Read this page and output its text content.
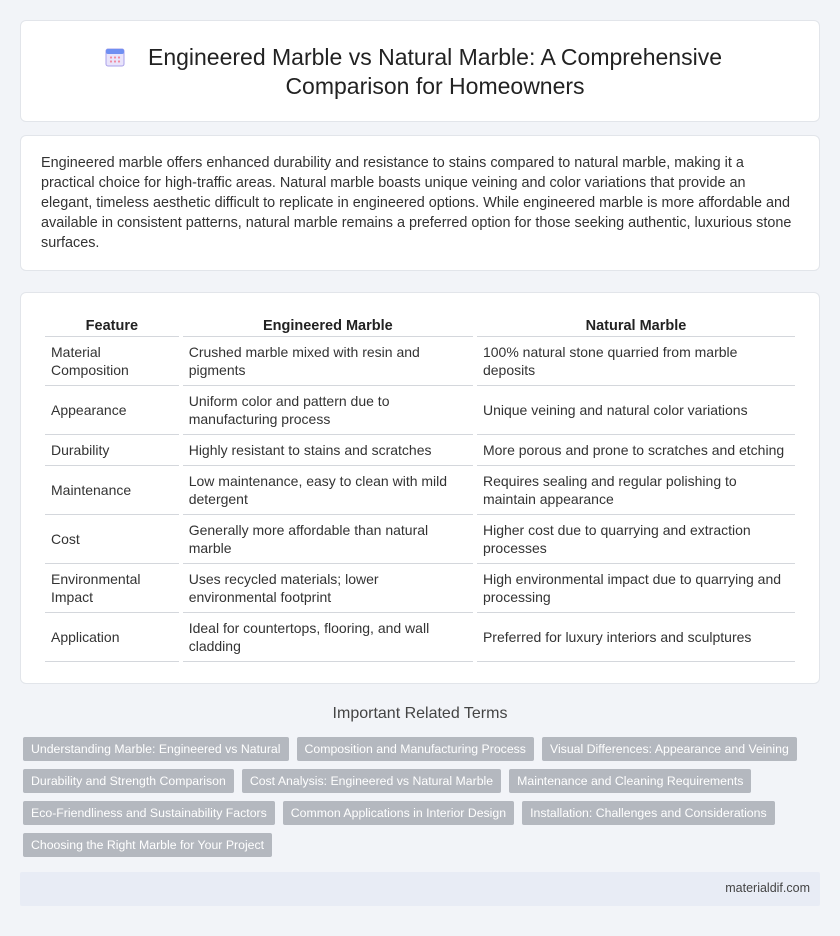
Engineered Marble vs Natural Marble: A Comprehensive Comparison for Homeowners

Engineered marble offers enhanced durability and resistance to stains compared to natural marble, making it a practical choice for high-traffic areas. Natural marble boasts unique veining and color variations that provide an elegant, timeless aesthetic difficult to replicate in engineered options. While engineered marble is more affordable and available in consistent patterns, natural marble remains a preferred option for those seeking authentic, luxurious stone surfaces.

Feature	Engineered Marble	Natural Marble
Material Composition	Crushed marble mixed with resin and pigments	100% natural stone quarried from marble deposits
Appearance	Uniform color and pattern due to manufacturing process	Unique veining and natural color variations
Durability	Highly resistant to stains and scratches	More porous and prone to scratches and etching
Maintenance	Low maintenance, easy to clean with mild detergent	Requires sealing and regular polishing to maintain appearance
Cost	Generally more affordable than natural marble	Higher cost due to quarrying and extraction processes
Environmental Impact	Uses recycled materials; lower environmental footprint	High environmental impact due to quarrying and processing
Application	Ideal for countertops, flooring, and wall cladding	Preferred for luxury interiors and sculptures
Important Related Terms
Understanding Marble: Engineered vs Natural	Composition and Manufacturing Process	Visual Differences: Appearance and Veining
Durability and Strength Comparison	Cost Analysis: Engineered vs Natural Marble	Maintenance and Cleaning Requirements
Eco-Friendliness and Sustainability Factors	Common Applications in Interior Design	Installation: Challenges and Considerations
Choosing the Right Marble for Your Project
materialdif.com
